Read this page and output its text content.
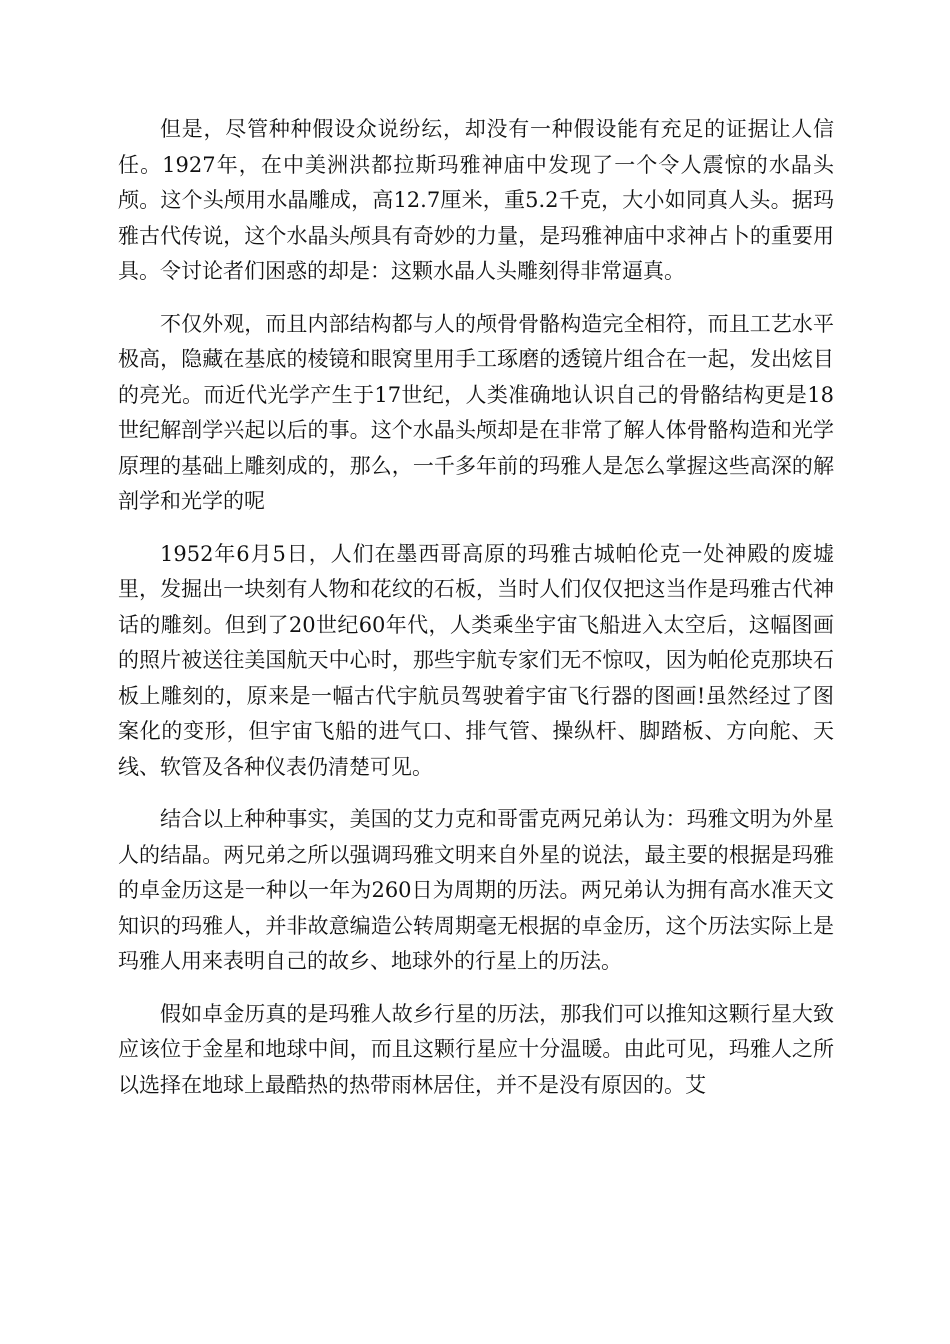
但是，尽管种种假设众说纷纭，却没有一种假设能有充足的证据让人信任。1927年，在中美洲洪都拉斯玛雅神庙中发现了一个令人震惊的水晶头颅。这个头颅用水晶雕成，高12.7厘米，重5.2千克，大小如同真人头。据玛雅古代传说，这个水晶头颅具有奇妙的力量，是玛雅神庙中求神占卜的重要用具。令讨论者们困惑的却是：这颗水晶人头雕刻得非常逼真。

不仅外观，而且内部结构都与人的颅骨骨骼构造完全相符，而且工艺水平极高，隐藏在基底的棱镜和眼窝里用手工琢磨的透镜片组合在一起，发出炫目的亮光。而近代光学产生于17世纪，人类准确地认识自己的骨骼结构更是18世纪解剖学兴起以后的事。这个水晶头颅却是在非常了解人体骨骼构造和光学原理的基础上雕刻成的，那么，一千多年前的玛雅人是怎么掌握这些高深的解剖学和光学的呢

1952年6月5日，人们在墨西哥高原的玛雅古城帕伦克一处神殿的废墟里，发掘出一块刻有人物和花纹的石板，当时人们仅仅把这当作是玛雅古代神话的雕刻。但到了20世纪60年代，人类乘坐宇宙飞船进入太空后，这幅图画的照片被送往美国航天中心时，那些宇航专家们无不惊叹，因为帕伦克那块石板上雕刻的，原来是一幅古代宇航员驾驶着宇宙飞行器的图画!虽然经过了图案化的变形，但宇宙飞船的进气口、排气管、操纵杆、脚踏板、方向舵、天线、软管及各种仪表仍清楚可见。

结合以上种种事实，美国的艾力克和哥雷克两兄弟认为：玛雅文明为外星人的结晶。两兄弟之所以强调玛雅文明来自外星的说法，最主要的根据是玛雅的卓金历这是一种以一年为260日为周期的历法。两兄弟认为拥有高水准天文知识的玛雅人，并非故意编造公转周期毫无根据的卓金历，这个历法实际上是玛雅人用来表明自己的故乡、地球外的行星上的历法。

假如卓金历真的是玛雅人故乡行星的历法，那我们可以推知这颗行星大致应该位于金星和地球中间，而且这颗行星应十分温暖。由此可见，玛雅人之所以选择在地球上最酷热的热带雨林居住，并不是没有原因的。艾
